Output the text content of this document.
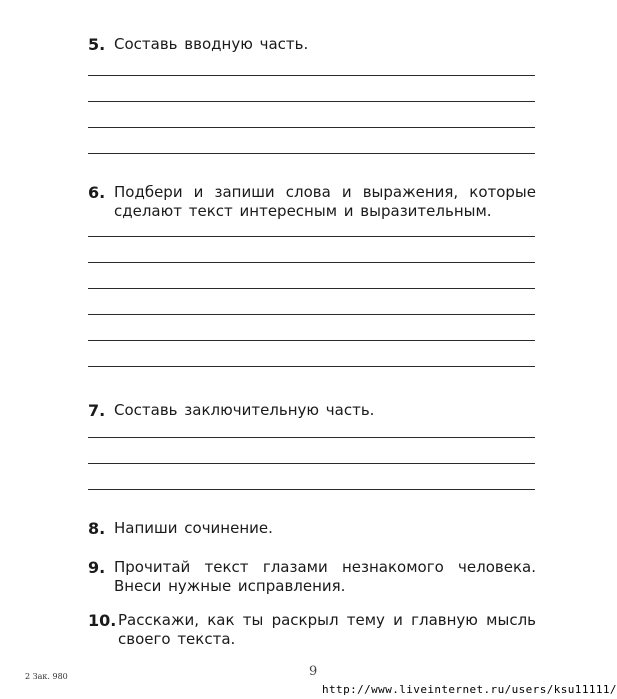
5. Составь вводную часть.
6. Подбери и запиши слова и выражения, которые сделают текст интересным и выразительным.
7. Составь заключительную часть.
8. Напиши сочинение.
9. Прочитай текст глазами незнакомого человека. Внеси нужные исправления.
10. Расскажи, как ты раскрыл тему и главную мысль своего текста.
2 Зак. 980	9
http://www.liveinternet.ru/users/ksu11111/
